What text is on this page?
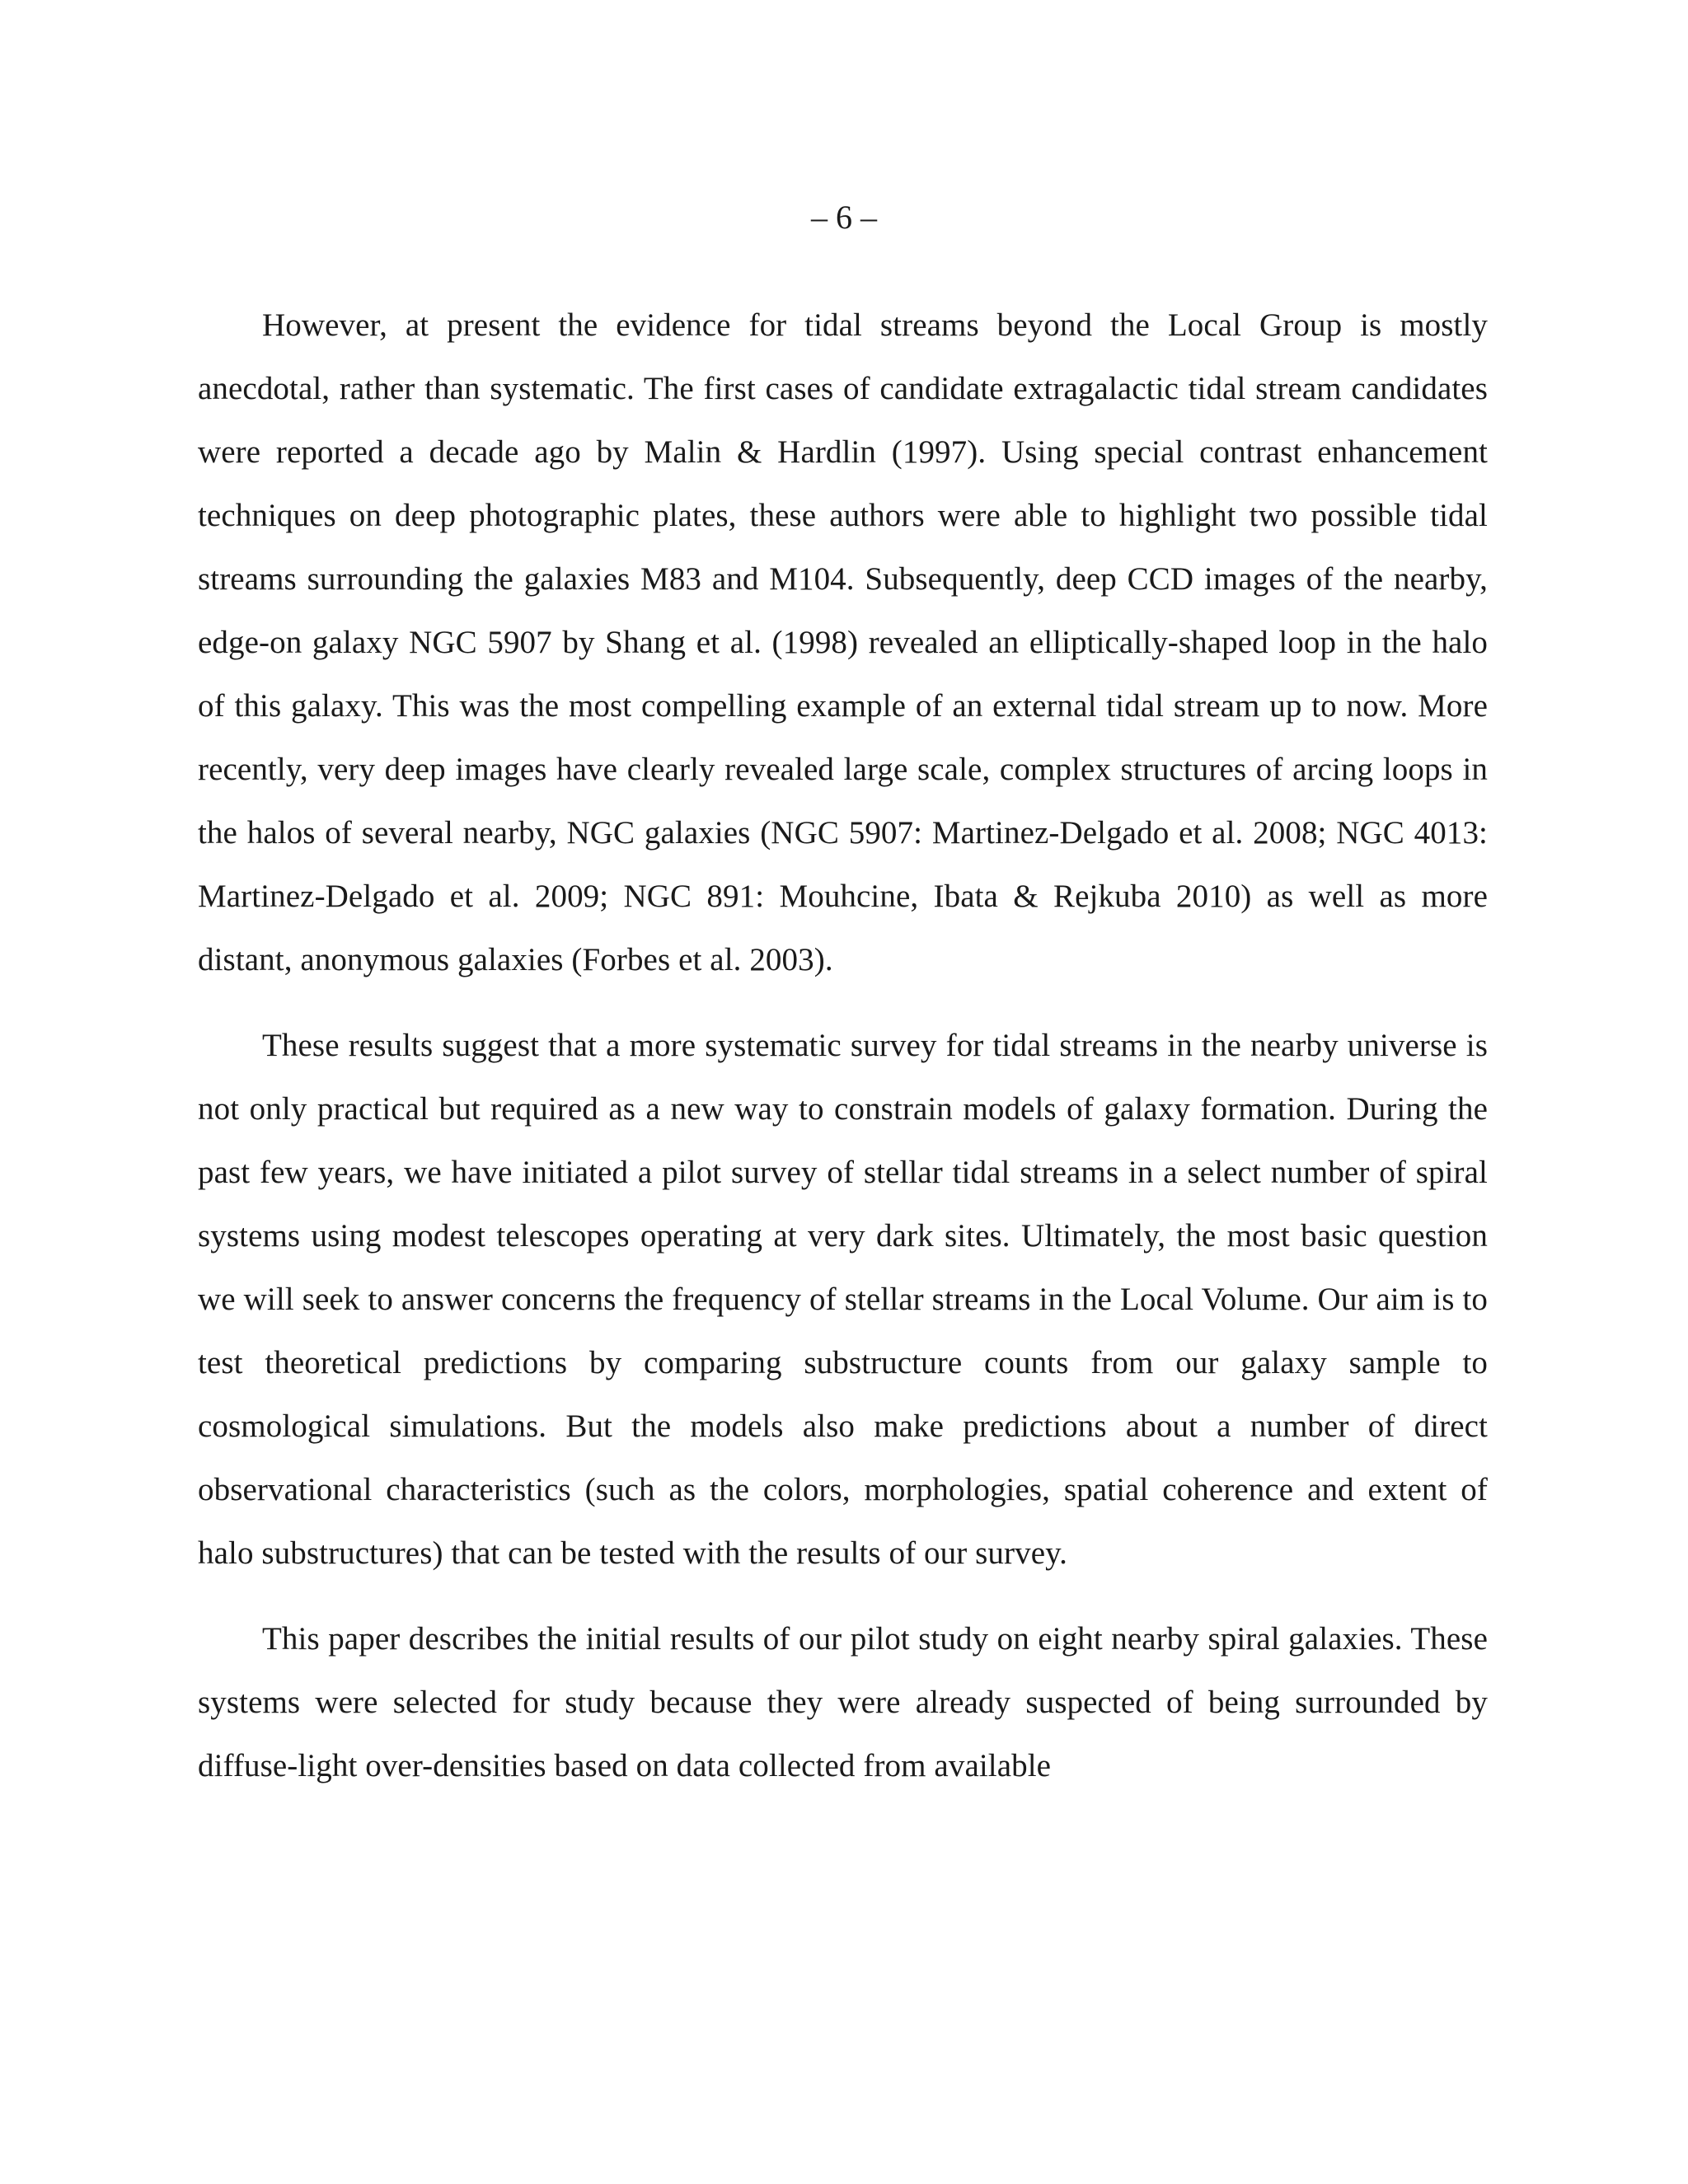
– 6 –

However, at present the evidence for tidal streams beyond the Local Group is mostly anecdotal, rather than systematic. The first cases of candidate extragalactic tidal stream candidates were reported a decade ago by Malin & Hardlin (1997). Using special contrast enhancement techniques on deep photographic plates, these authors were able to highlight two possible tidal streams surrounding the galaxies M83 and M104. Subsequently, deep CCD images of the nearby, edge-on galaxy NGC 5907 by Shang et al. (1998) revealed an elliptically-shaped loop in the halo of this galaxy. This was the most compelling example of an external tidal stream up to now. More recently, very deep images have clearly revealed large scale, complex structures of arcing loops in the halos of several nearby, NGC galaxies (NGC 5907: Martinez-Delgado et al. 2008; NGC 4013: Martinez-Delgado et al. 2009; NGC 891: Mouhcine, Ibata & Rejkuba 2010) as well as more distant, anonymous galaxies (Forbes et al. 2003).

These results suggest that a more systematic survey for tidal streams in the nearby universe is not only practical but required as a new way to constrain models of galaxy formation. During the past few years, we have initiated a pilot survey of stellar tidal streams in a select number of spiral systems using modest telescopes operating at very dark sites. Ultimately, the most basic question we will seek to answer concerns the frequency of stellar streams in the Local Volume. Our aim is to test theoretical predictions by comparing substructure counts from our galaxy sample to cosmological simulations. But the models also make predictions about a number of direct observational characteristics (such as the colors, morphologies, spatial coherence and extent of halo substructures) that can be tested with the results of our survey.

This paper describes the initial results of our pilot study on eight nearby spiral galaxies. These systems were selected for study because they were already suspected of being surrounded by diffuse-light over-densities based on data collected from available
